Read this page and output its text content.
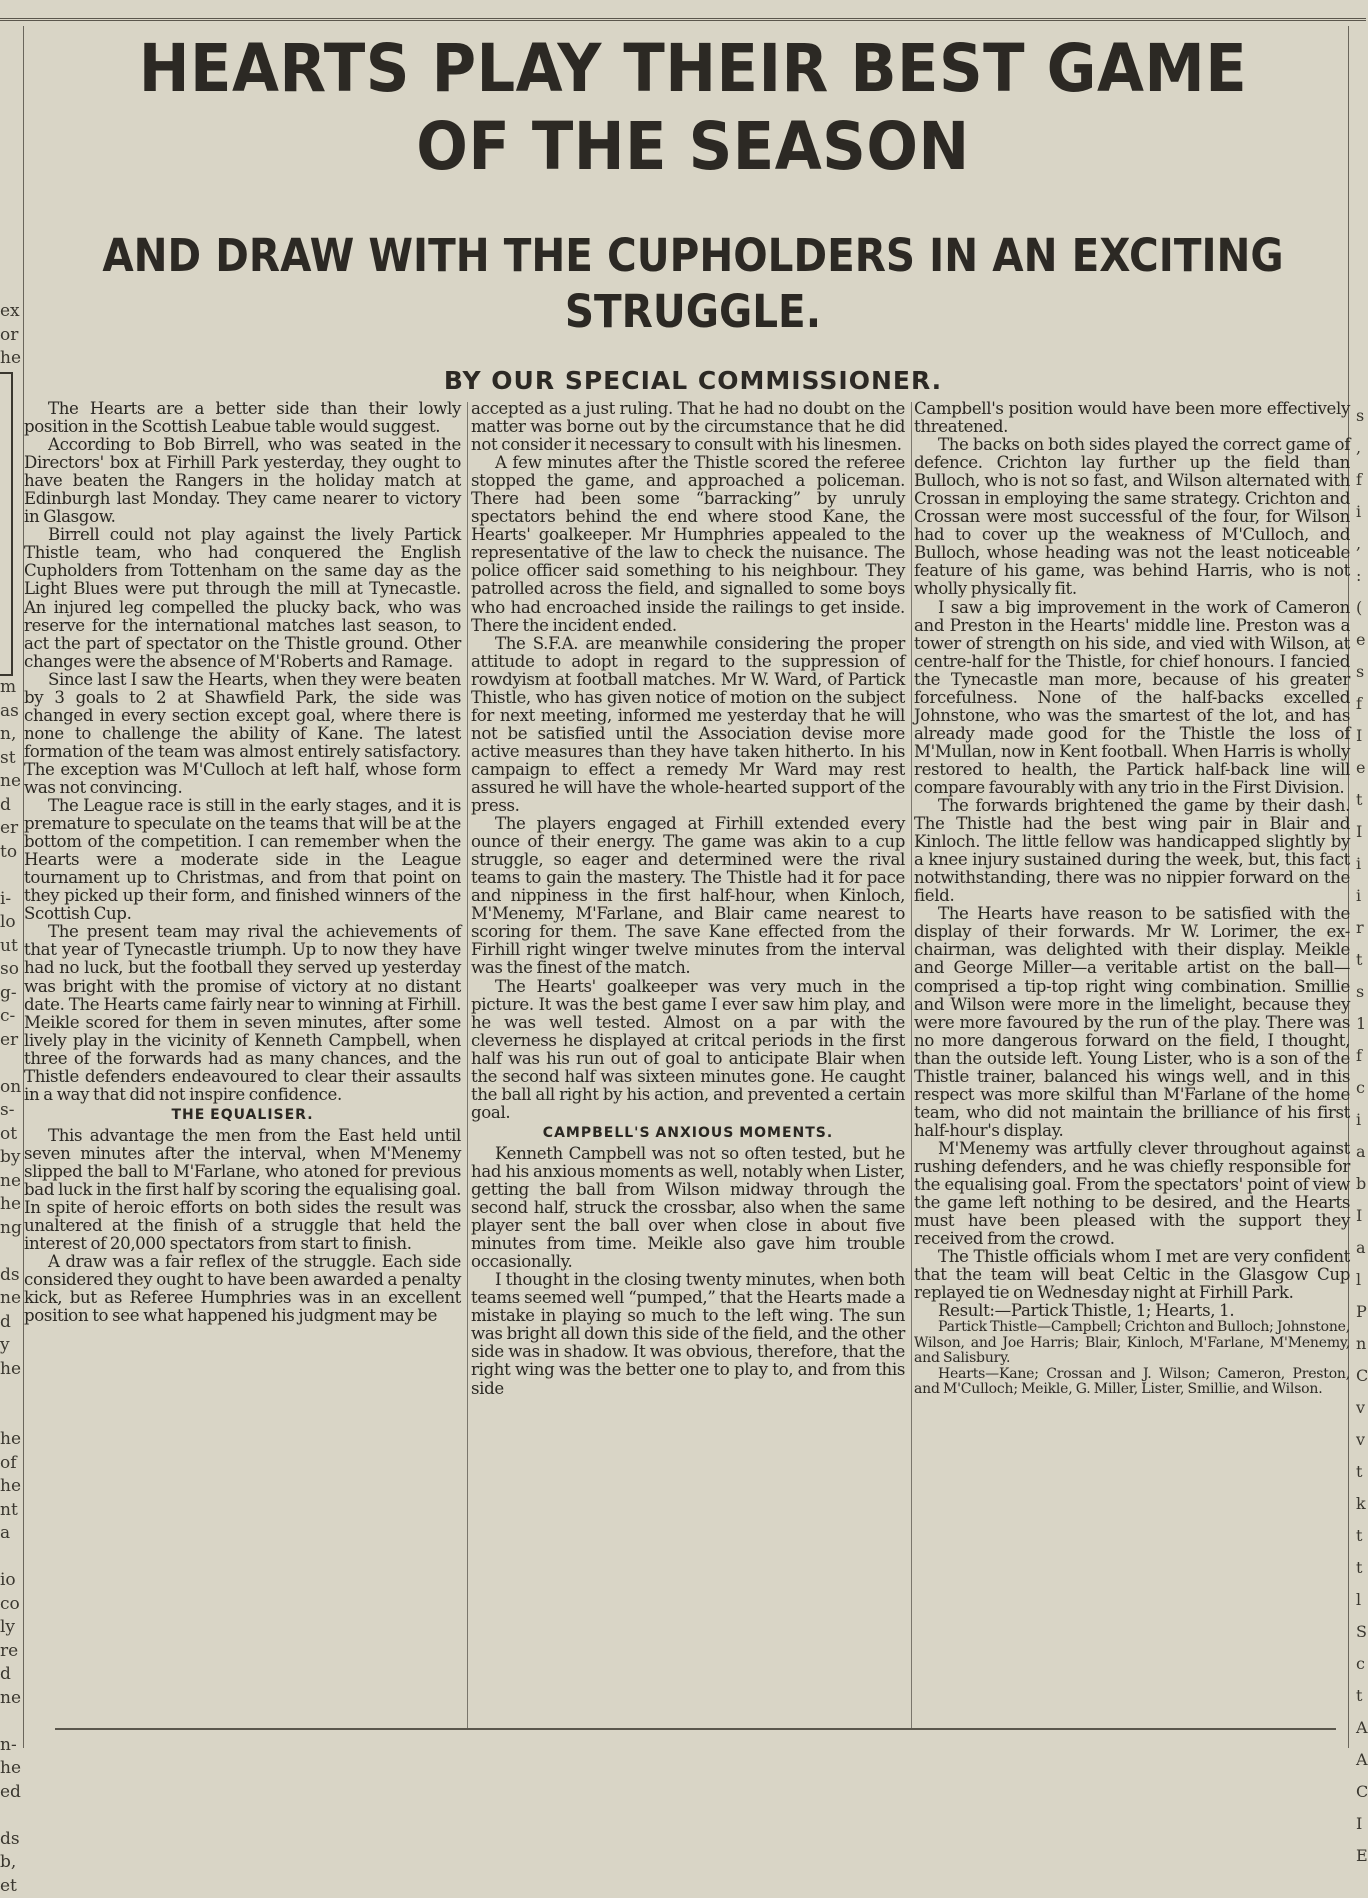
ex
or
he

m
as
n,
st
ne
d
er
to

i-
lo
ut
so
g-
c-
er

on
s-
ot
by
ne
he
ng

ds
ne
d
y
he

he
of
he
nt
a

io
co
ly
re
d
ne

n-
he
ed

ds
b,
et
s
,
f
i
,
:
(
e
s
f
I
e
t
I
i
i
r
t
s
1
f
c
i
a
b
I
a
l
P
n
C
v
v
t
k
t
t
l
S
c
t
A
A
C
I
E
HEARTS PLAY THEIR BEST GAME OF THE SEASON
AND DRAW WITH THE CUPHOLDERS IN AN EXCITING STRUGGLE.
BY OUR SPECIAL COMMISSIONER.

The Hearts are a better side than their lowly position in the Scottish Leabue table would suggest.

According to Bob Birrell, who was seated in the Directors' box at Firhill Park yesterday, they ought to have beaten the Rangers in the holiday match at Edinburgh last Monday. They came nearer to victory in Glasgow.

Birrell could not play against the lively Partick Thistle team, who had conquered the English Cupholders from Tottenham on the same day as the Light Blues were put through the mill at Tynecastle. An injured leg compelled the plucky back, who was reserve for the international matches last season, to act the part of spectator on the Thistle ground. Other changes were the absence of M'Roberts and Ramage.

Since last I saw the Hearts, when they were beaten by 3 goals to 2 at Shawfield Park, the side was changed in every section except goal, where there is none to challenge the ability of Kane. The latest formation of the team was almost entirely satisfactory. The exception was M'Culloch at left half, whose form was not convincing.

The League race is still in the early stages, and it is premature to speculate on the teams that will be at the bottom of the competition. I can remember when the Hearts were a moderate side in the League tournament up to Christmas, and from that point on they picked up their form, and finished winners of the Scottish Cup.

The present team may rival the achievements of that year of Tynecastle triumph. Up to now they have had no luck, but the football they served up yesterday was bright with the promise of victory at no distant date. The Hearts came fairly near to winning at Firhill. Meikle scored for them in seven minutes, after some lively play in the vicinity of Kenneth Campbell, when three of the forwards had as many chances, and the Thistle defenders endeavoured to clear their assaults in a way that did not inspire confidence.

THE EQUALISER.

This advantage the men from the East held until seven minutes after the interval, when M'Menemy slipped the ball to M'Farlane, who atoned for previous bad luck in the first half by scoring the equalising goal. In spite of heroic efforts on both sides the result was unaltered at the finish of a struggle that held the interest of 20,000 spectators from start to finish.

A draw was a fair reflex of the struggle. Each side considered they ought to have been awarded a penalty kick, but as Referee Humphries was in an excellent position to see what happened his judgment may be

accepted as a just ruling. That he had no doubt on the matter was borne out by the circumstance that he did not consider it necessary to consult with his linesmen.

A few minutes after the Thistle scored the referee stopped the game, and approached a policeman. There had been some “barracking” by unruly spectators behind the end where stood Kane, the Hearts' goalkeeper. Mr Humphries appealed to the representative of the law to check the nuisance. The police officer said something to his neighbour. They patrolled across the field, and signalled to some boys who had encroached inside the railings to get inside. There the incident ended.

The S.F.A. are meanwhile considering the proper attitude to adopt in regard to the suppression of rowdyism at football matches. Mr W. Ward, of Partick Thistle, who has given notice of motion on the subject for next meeting, informed me yesterday that he will not be satisfied until the Association devise more active measures than they have taken hitherto. In his campaign to effect a remedy Mr Ward may rest assured he will have the whole-hearted support of the press.

The players engaged at Firhill extended every ounce of their energy. The game was akin to a cup struggle, so eager and determined were the rival teams to gain the mastery. The Thistle had it for pace and nippiness in the first half-hour, when Kinloch, M'Menemy, M'Farlane, and Blair came nearest to scoring for them. The save Kane effected from the Firhill right winger twelve minutes from the interval was the finest of the match.

The Hearts' goalkeeper was very much in the picture. It was the best game I ever saw him play, and he was well tested. Almost on a par with the cleverness he displayed at critcal periods in the first half was his run out of goal to anticipate Blair when the second half was sixteen minutes gone. He caught the ball all right by his action, and prevented a certain goal.

CAMPBELL'S ANXIOUS MOMENTS.

Kenneth Campbell was not so often tested, but he had his anxious moments as well, notably when Lister, getting the ball from Wilson midway through the second half, struck the crossbar, also when the same player sent the ball over when close in about five minutes from time. Meikle also gave him trouble occasionally.

I thought in the closing twenty minutes, when both teams seemed well “pumped,” that the Hearts made a mistake in playing so much to the left wing. The sun was bright all down this side of the field, and the other side was in shadow. It was obvious, therefore, that the right wing was the better one to play to, and from this side

Campbell's position would have been more effectively threatened.

The backs on both sides played the correct game of defence. Crichton lay further up the field than Bulloch, who is not so fast, and Wilson alternated with Crossan in employing the same strategy. Crichton and Crossan were most successful of the four, for Wilson had to cover up the weakness of M'Culloch, and Bulloch, whose heading was not the least noticeable feature of his game, was behind Harris, who is not wholly physically fit.

I saw a big improvement in the work of Cameron and Preston in the Hearts' middle line. Preston was a tower of strength on his side, and vied with Wilson, at centre-half for the Thistle, for chief honours. I fancied the Tynecastle man more, because of his greater forcefulness. None of the half-backs excelled Johnstone, who was the smartest of the lot, and has already made good for the Thistle the loss of M'Mullan, now in Kent football. When Harris is wholly restored to health, the Partick half-back line will compare favourably with any trio in the First Division.

The forwards brightened the game by their dash. The Thistle had the best wing pair in Blair and Kinloch. The little fellow was handicapped slightly by a knee injury sustained during the week, but, this fact notwithstanding, there was no nippier forward on the field.

The Hearts have reason to be satisfied with the display of their forwards. Mr W. Lorimer, the ex-chairman, was delighted with their display. Meikle and George Miller—a veritable artist on the ball—comprised a tip-top right wing combination. Smillie and Wilson were more in the limelight, because they were more favoured by the run of the play. There was no more dangerous forward on the field, I thought, than the outside left. Young Lister, who is a son of the Thistle trainer, balanced his wings well, and in this respect was more skilful than M'Farlane of the home team, who did not maintain the brilliance of his first half-hour's display.

M'Menemy was artfully clever throughout against rushing defenders, and he was chiefly responsible for the equalising goal. From the spectators' point of view the game left nothing to be desired, and the Hearts must have been pleased with the support they received from the crowd.

The Thistle officials whom I met are very confident that the team will beat Celtic in the Glasgow Cup replayed tie on Wednesday night at Firhill Park.

Result:—Partick Thistle, 1; Hearts, 1.

Partick Thistle—Campbell; Crichton and Bulloch; Johnstone, Wilson, and Joe Harris; Blair, Kinloch, M'Farlane, M'Menemy, and Salisbury.

Hearts—Kane; Crossan and J. Wilson; Cameron, Preston, and M'Culloch; Meikle, G. Miller, Lister, Smillie, and Wilson.
